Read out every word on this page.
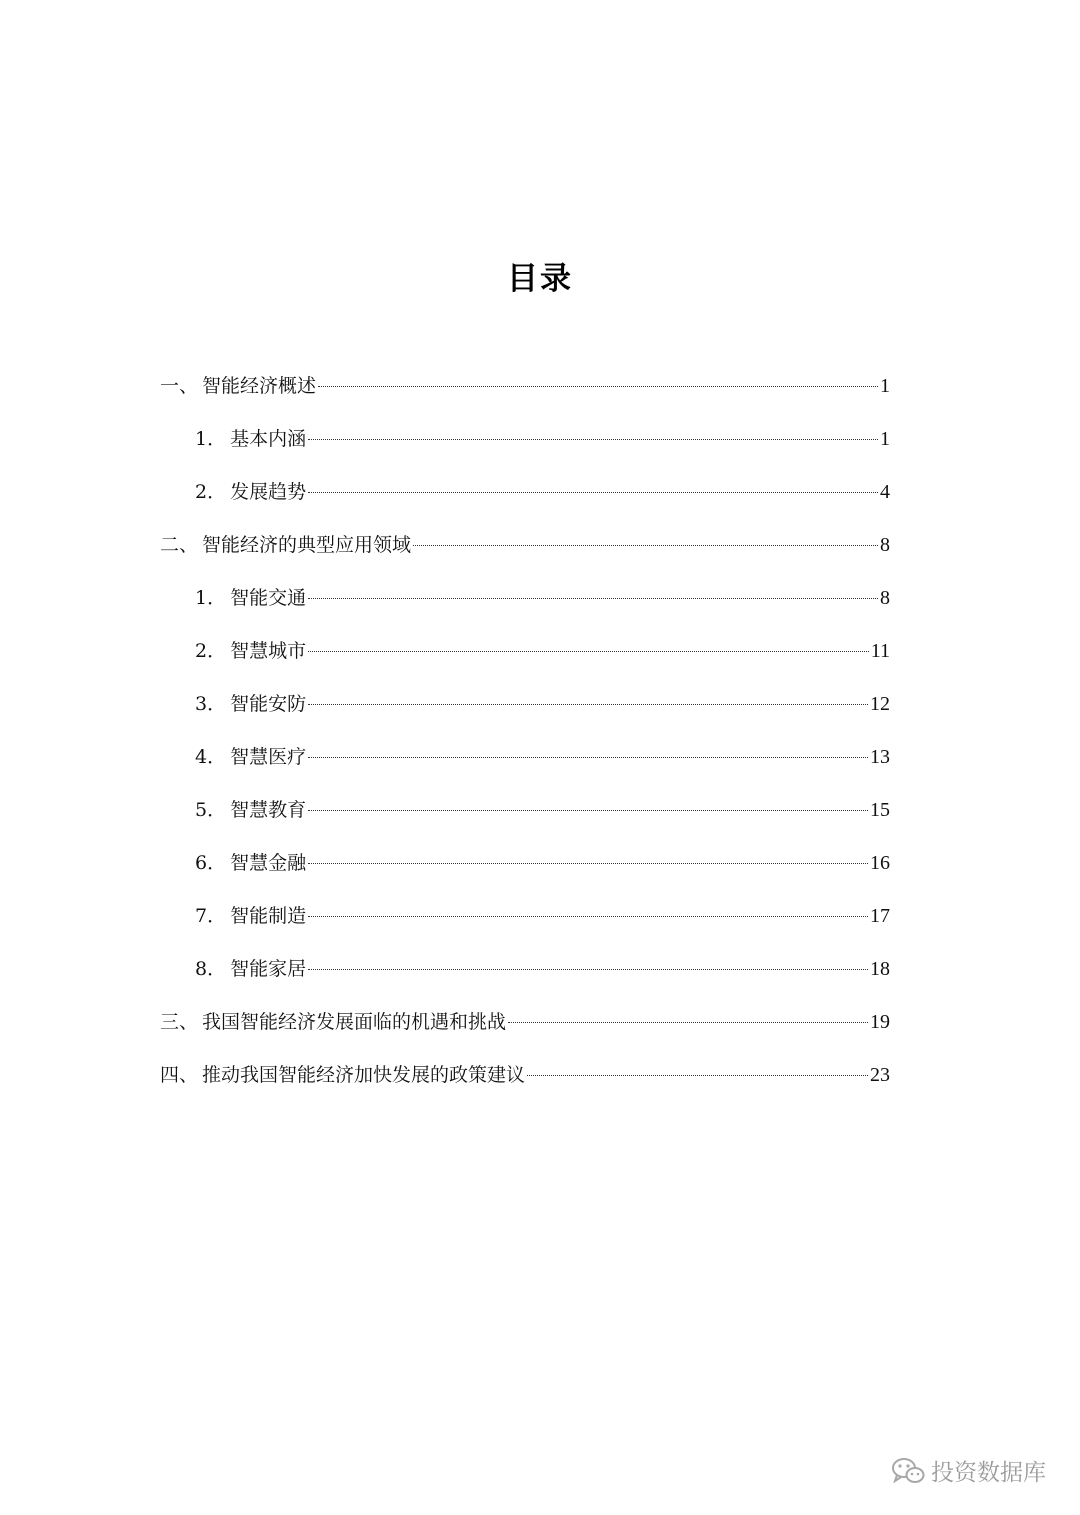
目录
一、 智能经济概述	1
1． 基本内涵	1
2． 发展趋势	4
二、 智能经济的典型应用领域	8
1． 智能交通	8
2． 智慧城市	11
3． 智能安防	12
4． 智慧医疗	13
5． 智慧教育	15
6． 智慧金融	16
7． 智能制造	17
8． 智能家居	18
三、 我国智能经济发展面临的机遇和挑战	19
四、 推动我国智能经济加快发展的政策建议	23
投资数据库
